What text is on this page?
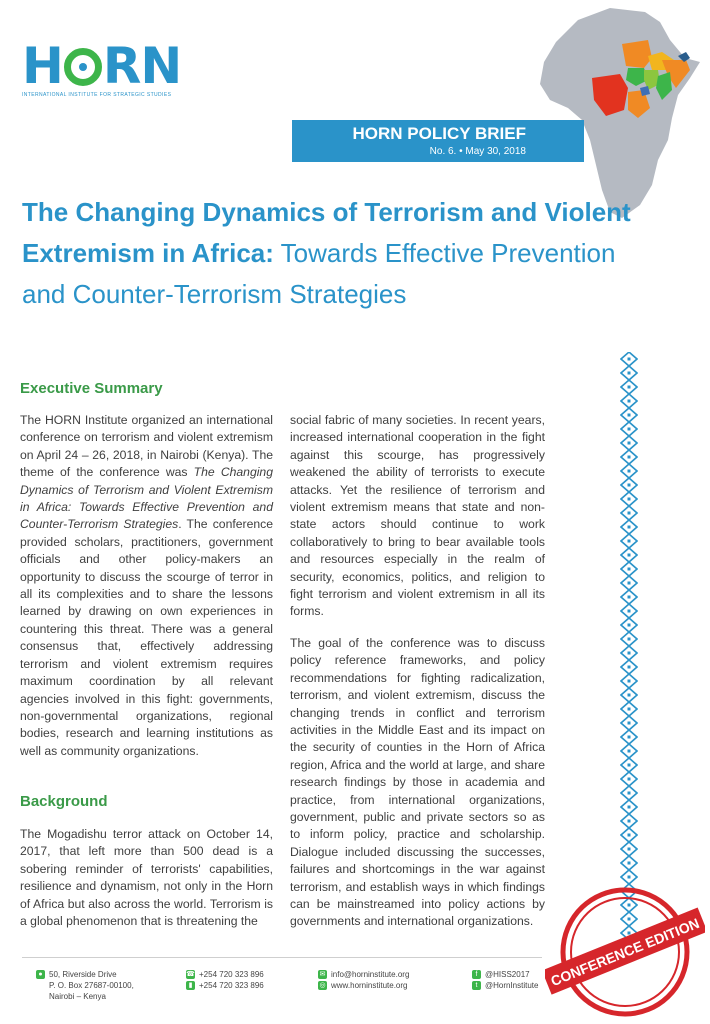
H RN
INTERNATIONAL INSTITUTE FOR STRATEGIC STUDIES
HORN POLICY BRIEF
No. 6. • May 30, 2018
The Changing Dynamics of Terrorism and Violent Extremism in Africa: Towards Effective Prevention and Counter-Terrorism Strategies
Executive Summary

The HORN Institute organized an international conference on terrorism and violent extremism on April 24 – 26, 2018, in Nairobi (Kenya). The theme of the conference was The Changing Dynamics of Terrorism and Violent Extremism in Africa: Towards Effective Prevention and Counter-Terrorism Strategies. The conference provided scholars, practitioners, government officials and other policy-makers an opportunity to discuss the scourge of terror in all its complexities and to share the lessons learned by drawing on own experiences in countering this threat. There was a general consensus that, effectively addressing terrorism and violent extremism requires maximum coordination by all relevant agencies involved in this fight: governments, non-governmental organizations, regional bodies, research and learning institutions as well as community organizations.

Background

The Mogadishu terror attack on October 14, 2017, that left more than 500 dead is a sobering reminder of terrorists' capabilities, resilience and dynamism, not only in the Horn of Africa but also across the world. Terrorism is a global phenomenon that is threatening the

social fabric of many societies. In recent years, increased international cooperation in the fight against this scourge, has progressively weakened the ability of terrorists to execute attacks. Yet the resilience of terrorism and violent extremism means that state and non-state actors should continue to work collaboratively to bring to bear available tools and resources especially in the realm of security, economics, politics, and religion to fight terrorism and violent extremism in all its forms.

The goal of the conference was to discuss policy reference frameworks, and policy recommendations for fighting radicalization, terrorism, and violent extremism, discuss the changing trends in conflict and terrorism activities in the Middle East and its impact on the security of counties in the Horn of Africa region, Africa and the world at large, and share research findings by those in academia and practice, from international organizations, government, public and private sectors so as to inform policy, practice and scholarship. Dialogue included discussing the successes, failures and shortcomings in the war against terrorism, and establish ways in which findings can be mainstreamed into policy actions by governments and international organizations.	CONFERENCE EDITION
● 50, Riverside Drive
P. O. Box 27687-00100,
Nairobi – Kenya
☎ +254 720 323 896
▮ +254 720 323 896
✉ info@horninstitute.org
◎ www.horninstitute.org
f @HISS2017
t @HornInstitute
